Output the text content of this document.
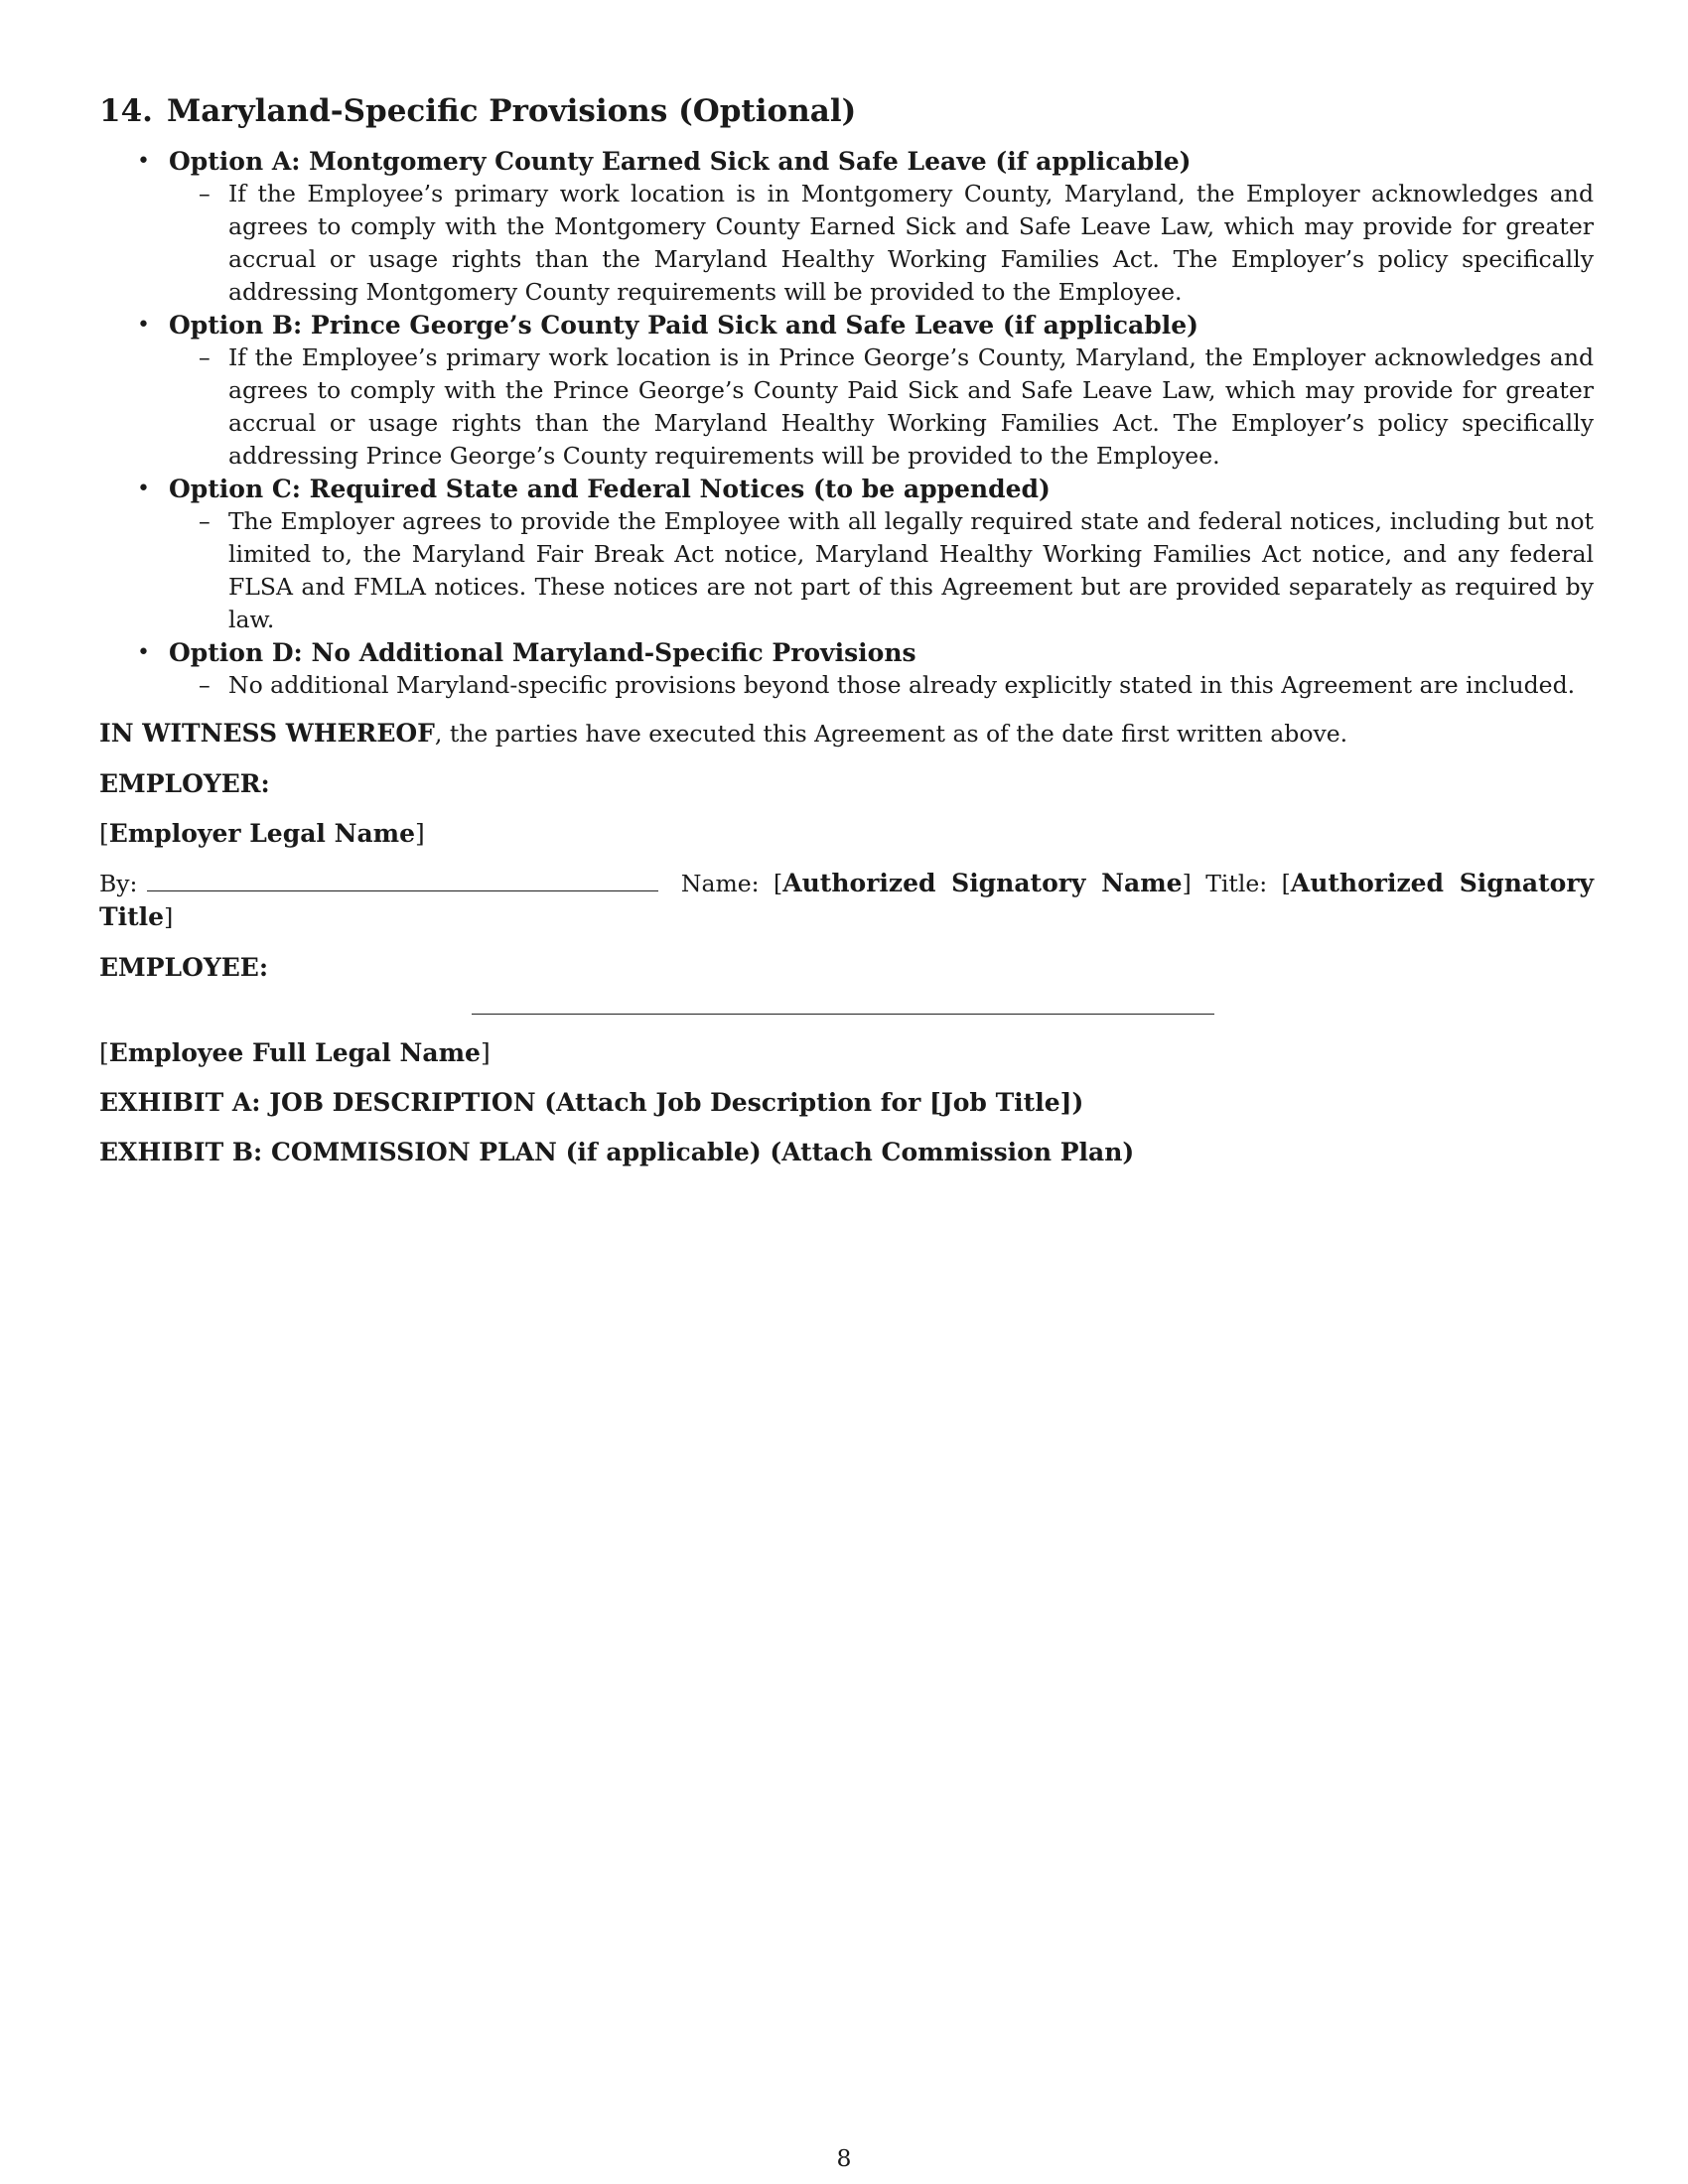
14. Maryland-Specific Provisions (Optional)
• Option A: Montgomery County Earned Sick and Safe Leave (if applicable)
– If the Employee’s primary work location is in Montgomery County, Maryland, the Employer acknowledges and agrees to comply with the Montgomery County Earned Sick and Safe Leave Law, which may provide for greater accrual or usage rights than the Maryland Healthy Working Families Act. The Employer’s policy specifically addressing Montgomery County requirements will be provided to the Employee.
• Option B: Prince George’s County Paid Sick and Safe Leave (if applicable)
– If the Employee’s primary work location is in Prince George’s County, Maryland, the Employer acknowledges and agrees to comply with the Prince George’s County Paid Sick and Safe Leave Law, which may provide for greater accrual or usage rights than the Maryland Healthy Working Families Act. The Employer’s policy specifically addressing Prince George’s County requirements will be provided to the Employee.
• Option C: Required State and Federal Notices (to be appended)
– The Employer agrees to provide the Employee with all legally required state and federal notices, including but not limited to, the Maryland Fair Break Act notice, Maryland Healthy Working Families Act notice, and any federal FLSA and FMLA notices. These notices are not part of this Agreement but are provided separately as required by law.
• Option D: No Additional Maryland-Specific Provisions
– No additional Maryland-specific provisions beyond those already explicitly stated in this Agreement are included.

IN WITNESS WHEREOF, the parties have executed this Agreement as of the date first written above.

EMPLOYER:

[Employer Legal Name]

By:	Name: [Authorized Signatory Name] Title: [Authorized Signatory Title]

EMPLOYEE:

[Employee Full Legal Name]

EXHIBIT A: JOB DESCRIPTION (Attach Job Description for [Job Title])

EXHIBIT B: COMMISSION PLAN (if applicable) (Attach Commission Plan)

8
